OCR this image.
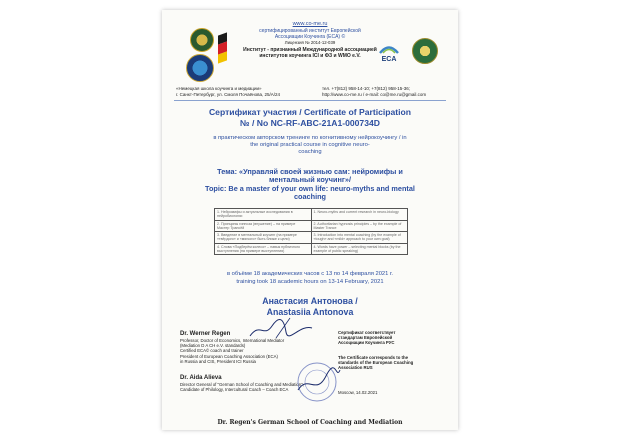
www.co-me.ru
сертифицированный институт Европейской
Ассоциации Коучинга (ECA) ©
Лицензия № 2014-12-039
Институт - признанный Международной ассоциацией
институтов коучинга ICI и ФЗ и WMO е.V.	ECA
«Немецкая школа коучинга и медиации»
г. Санкт-Петербург, ул. Смоля Почаёнова, 25/А/24
тел. +7(812) 958-14-10; +7(812) 958-15-36;
http://www.co-me.ru / e-mail: co@me.ru@gmail.com
Сертификат участия / Certificate of Participation
№ / No NC-RF-ABC-21A1-000734D
в практическом авторском тренинге по когнитивному нейрокоучингу / in the original practical course in cognitive neuro-
coaching
Тема: «Управляй своей жизнью сам: нейромифы и
ментальный коучинг»/
Topic: Be a master of your own life: neuro-myths and mental
coaching
1. Нейромифы и актуальные исследования в нейробиологии	1. Neuro-myths and current research in neuro-biology
2. Принципы гипноза (внушение) – на примере Мастер Трансёй	2. Authoritarian hypnosis principles – by the example of Master Trance
3. Введение в ментальный коучинг (на примере «твёрдого» и «мягкого» быть ближе к цели)	3. Introduction into mental coaching (by the example of «tough» and «mild» approach to your own goal)
4. Слова «Подберём колесо» – навык публичного выступления (на примере выступления)	4. Words have power – selecting mental blocks (by the example of public speaking)
в объёме 18 академических часов с 13 по 14 февраля 2021 г.
training took 18 academic hours on 13-14 February, 2021
Анастасия Антонова /
Anastasiia Antonova
Dr. Werner Regen
Professor, Doctor of Economics, International Mediator
(Mediation D A CH e.V. standards)
Certified ECA© coach and trainer
President of European Coaching Association (ECA)
in Russia and CIS, President ICI Russia
Dr. Aida Alieva
Director General of "German School of Coaching and Mediation",
Candidate of Philology, Intercultural Coach – Coach ECA
Сертификат соответствует
стандартам Европейской
Ассоциации Коучинга РУС
The Certificate corresponds to the
standards of the European Coaching
Association RUS
Moscow, 14.02.2021
Dr. Regen's German School of Coaching and Mediation
